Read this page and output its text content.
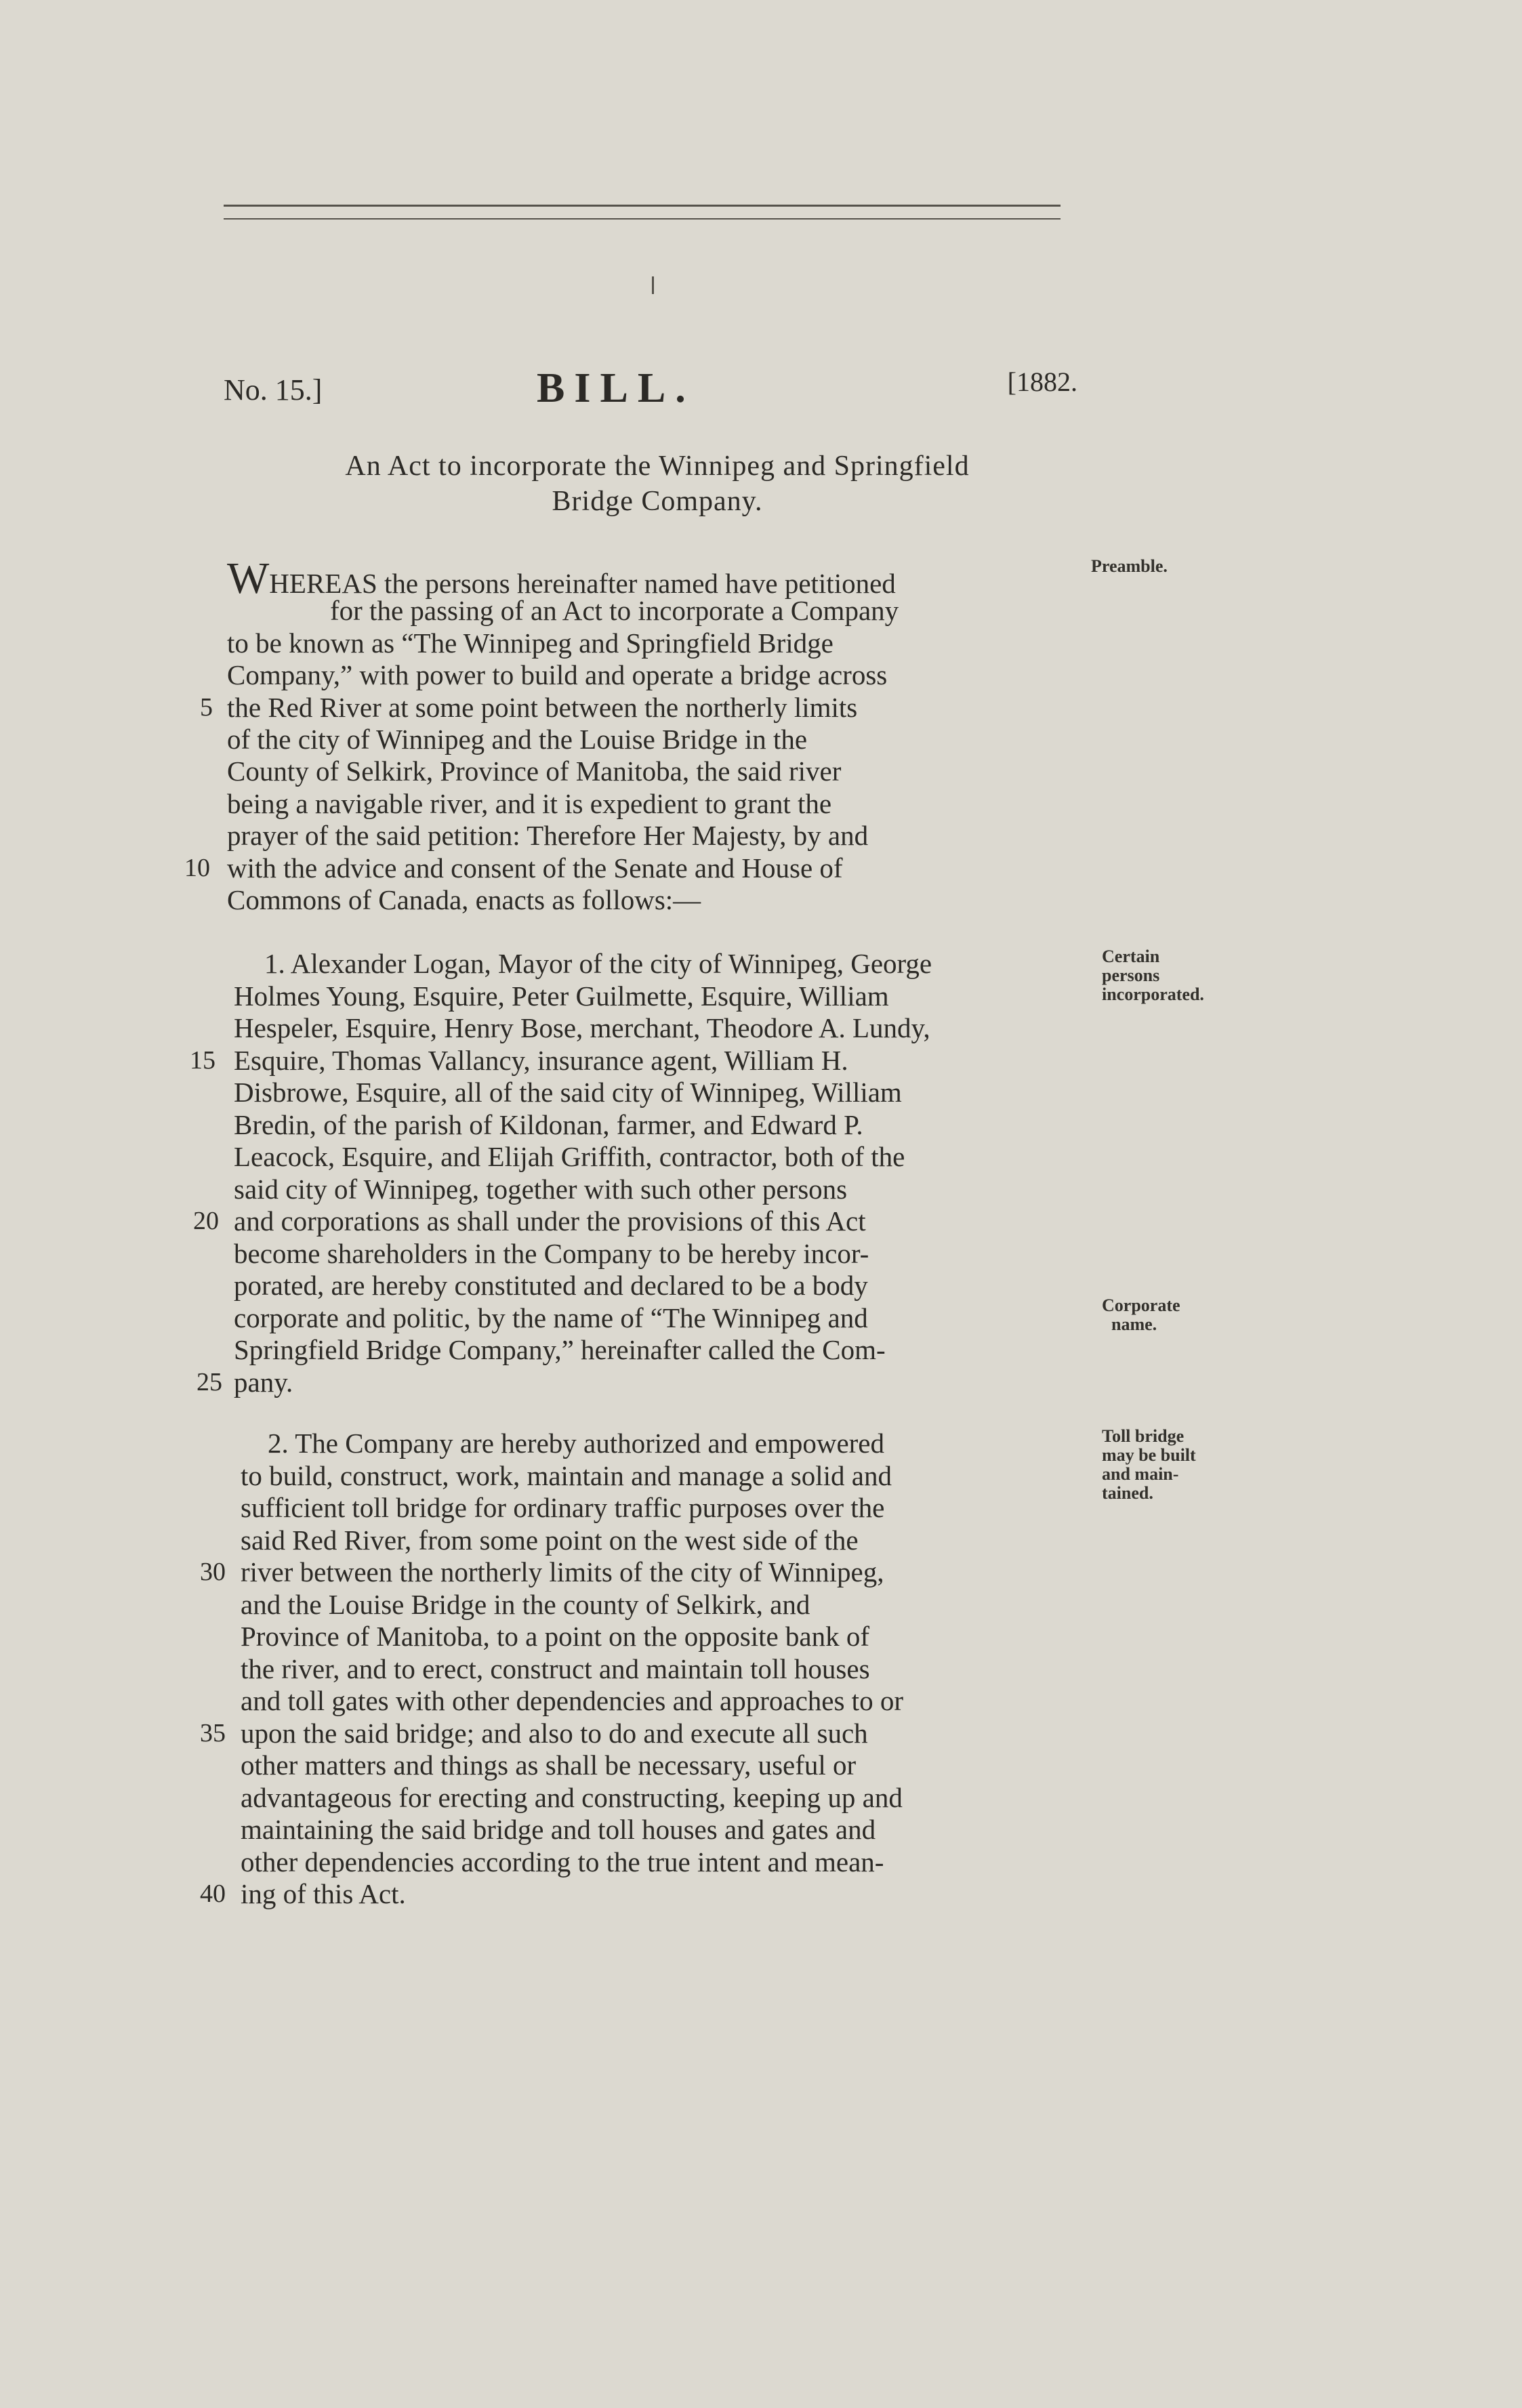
No. 15.]	BILL.	[1882.
An Act to incorporate the Winnipeg and Springfield
Bridge Company.
WHEREAS the persons hereinafter named have petitioned
for the passing of an Act to incorporate a Company
to be known as “The Winnipeg and Springfield Bridge
Company,” with power to build and operate a bridge across
the Red River at some point between the northerly limits
of the city of Winnipeg and the Louise Bridge in the
County of Selkirk, Province of Manitoba, the said river
being a navigable river, and it is expedient to grant the
prayer of the said petition: Therefore Her Majesty, by and
with the advice and consent of the Senate and House of
Commons of Canada, enacts as follows:—
1. Alexander Logan, Mayor of the city of Winnipeg, George
Holmes Young, Esquire, Peter Guilmette, Esquire, William
Hespeler, Esquire, Henry Bose, merchant, Theodore A. Lundy,
Esquire, Thomas Vallancy, insurance agent, William H.
Disbrowe, Esquire, all of the said city of Winnipeg, William
Bredin, of the parish of Kildonan, farmer, and Edward P.
Leacock, Esquire, and Elijah Griffith, contractor, both of the
said city of Winnipeg, together with such other persons
and corporations as shall under the provisions of this Act
become shareholders in the Company to be hereby incor-
porated, are hereby constituted and declared to be a body
corporate and politic, by the name of “The Winnipeg and
Springfield Bridge Company,” hereinafter called the Com-
pany.
2. The Company are hereby authorized and empowered
to build, construct, work, maintain and manage a solid and
sufficient toll bridge for ordinary traffic purposes over the
said Red River, from some point on the west side of the
river between the northerly limits of the city of Winnipeg,
and the Louise Bridge in the county of Selkirk, and
Province of Manitoba, to a point on the opposite bank of
the river, and to erect, construct and maintain toll houses
and toll gates with other dependencies and approaches to or
upon the said bridge; and also to do and execute all such
other matters and things as shall be necessary, useful or
advantageous for erecting and constructing, keeping up and
maintaining the said bridge and toll houses and gates and
other dependencies according to the true intent and mean-
ing of this Act.
5
10
15
20
25
30
35
40
Preamble.
Certain
persons
incorporated.
Corporate
name.
Toll bridge
may be built
and main-
tained.
